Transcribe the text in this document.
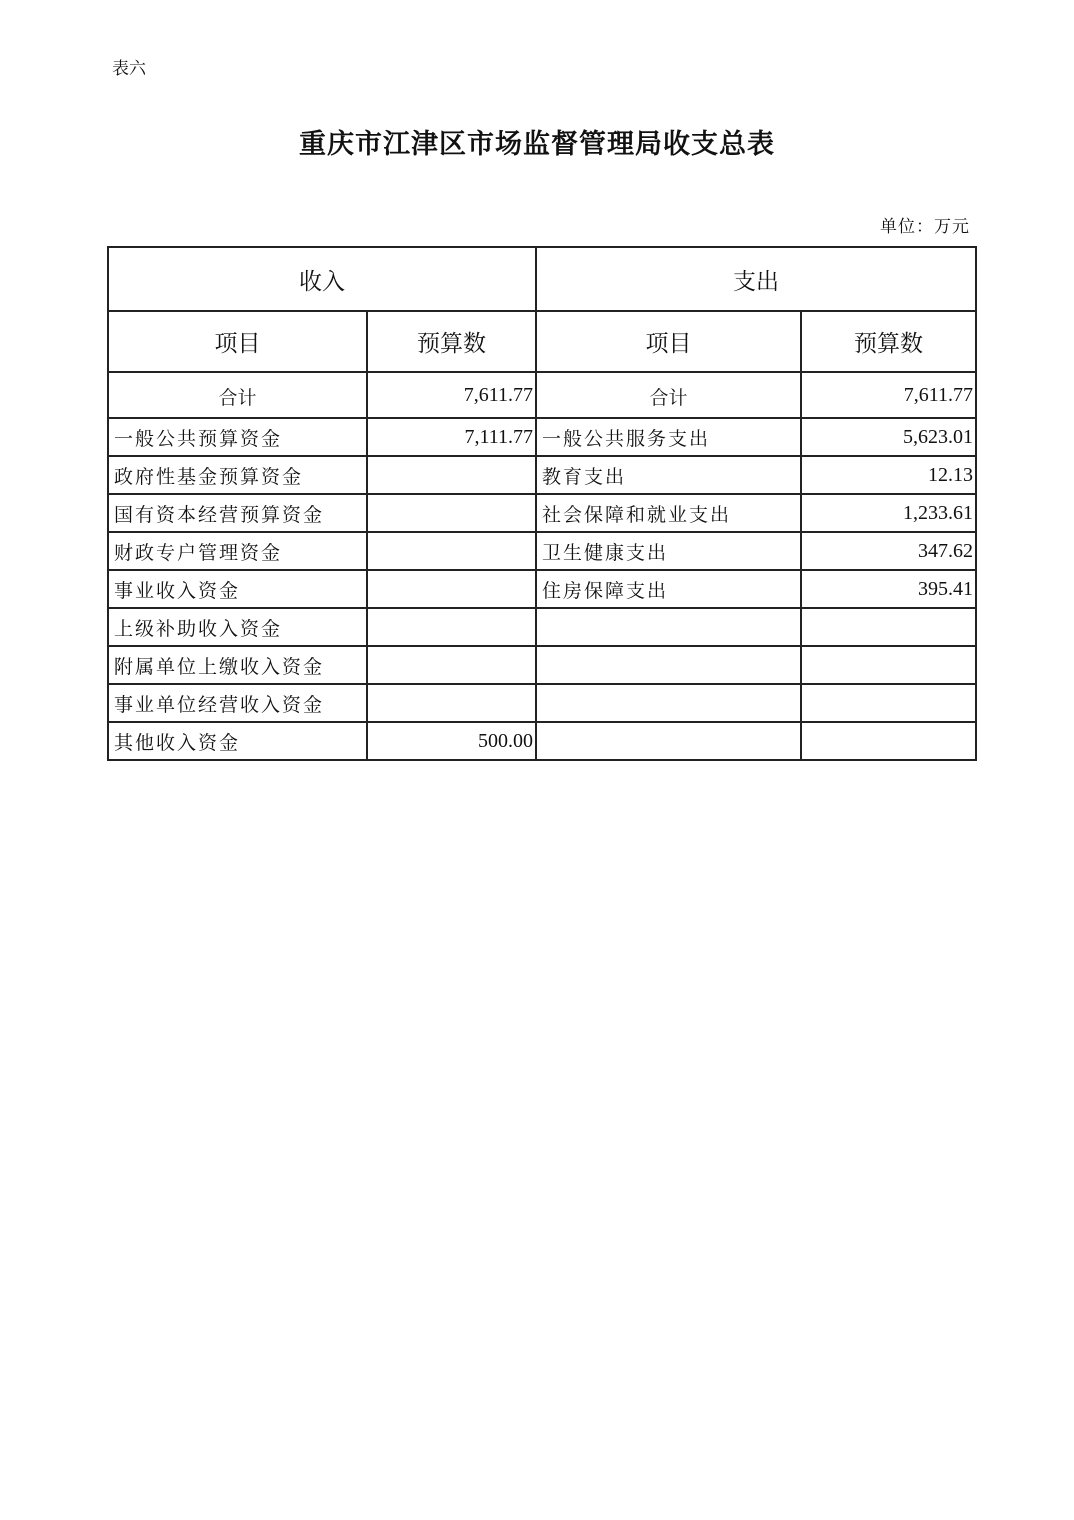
表六
重庆市江津区市场监督管理局收支总表
单位：万元
收入		支出	
项目	预算数	项目	预算数
合计	7,611.77	合计	7,611.77
一般公共预算资金	7,111.77	一般公共服务支出	5,623.01
政府性基金预算资金		教育支出	12.13
国有资本经营预算资金		社会保障和就业支出	1,233.61
财政专户管理资金		卫生健康支出	347.62
事业收入资金		住房保障支出	395.41
上级补助收入资金			
附属单位上缴收入资金			
事业单位经营收入资金			
其他收入资金	500.00		
